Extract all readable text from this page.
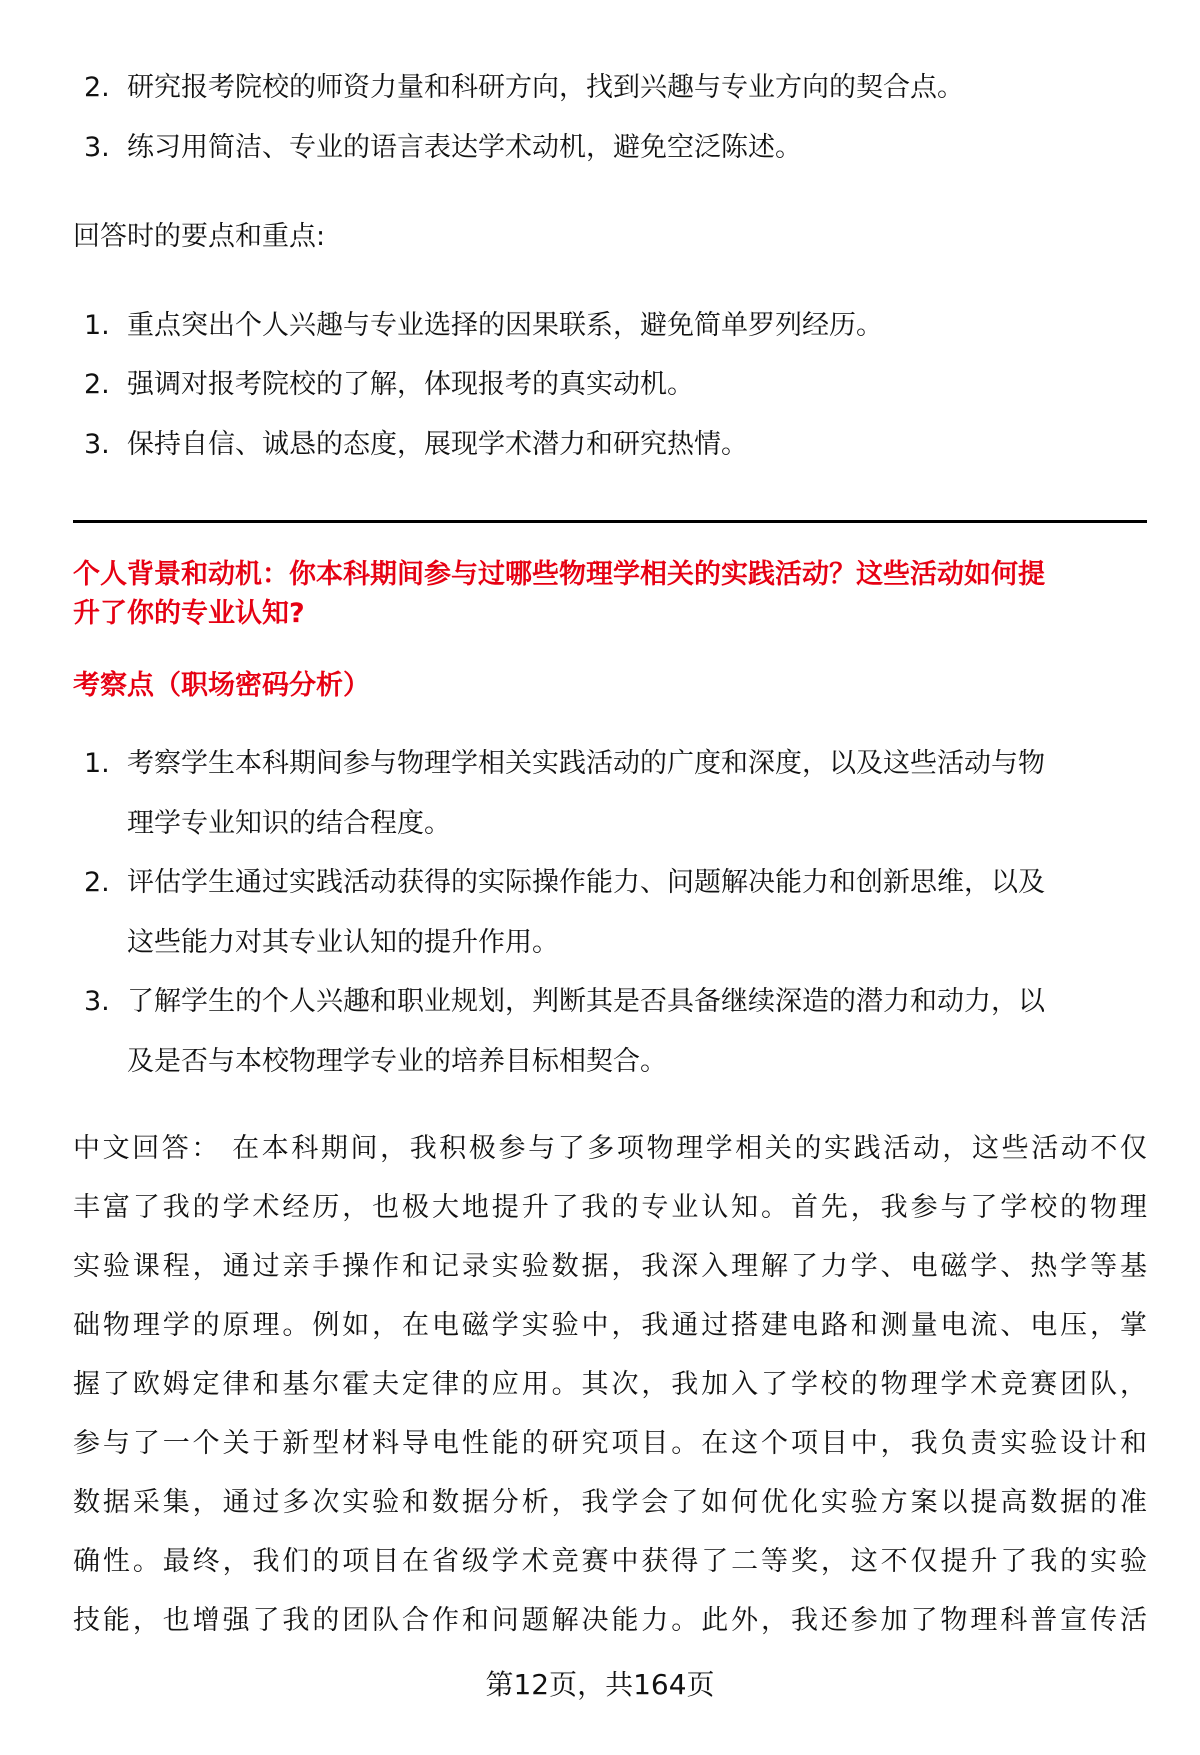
2. 研究报考院校的师资力量和科研方向，找到兴趣与专业方向的契合点。
3. 练习用简洁、专业的语言表达学术动机，避免空泛陈述。
回答时的要点和重点:
1. 重点突出个人兴趣与专业选择的因果联系，避免简单罗列经历。
2. 强调对报考院校的了解，体现报考的真实动机。
3. 保持自信、诚恳的态度，展现学术潜力和研究热情。
个人背景和动机：你本科期间参与过哪些物理学相关的实践活动？这些活动如何提
升了你的专业认知?
考察点（职场密码分析）
1. 考察学生本科期间参与物理学相关实践活动的广度和深度，以及这些活动与物
理学专业知识的结合程度。
2. 评估学生通过实践活动获得的实际操作能力、问题解决能力和创新思维，以及
这些能力对其专业认知的提升作用。
3. 了解学生的个人兴趣和职业规划，判断其是否具备继续深造的潜力和动力，以
及是否与本校物理学专业的培养目标相契合。
中文回答： 在本科期间，我积极参与了多项物理学相关的实践活动，这些活动不仅
丰富了我的学术经历，也极大地提升了我的专业认知。首先，我参与了学校的物理
实验课程，通过亲手操作和记录实验数据，我深入理解了力学、电磁学、热学等基
础物理学的原理。例如，在电磁学实验中，我通过搭建电路和测量电流、电压，掌
握了欧姆定律和基尔霍夫定律的应用。其次，我加入了学校的物理学术竞赛团队，
参与了一个关于新型材料导电性能的研究项目。在这个项目中，我负责实验设计和
数据采集，通过多次实验和数据分析，我学会了如何优化实验方案以提高数据的准
确性。最终，我们的项目在省级学术竞赛中获得了二等奖，这不仅提升了我的实验
技能，也增强了我的团队合作和问题解决能力。此外，我还参加了物理科普宣传活
第12页，共164页
